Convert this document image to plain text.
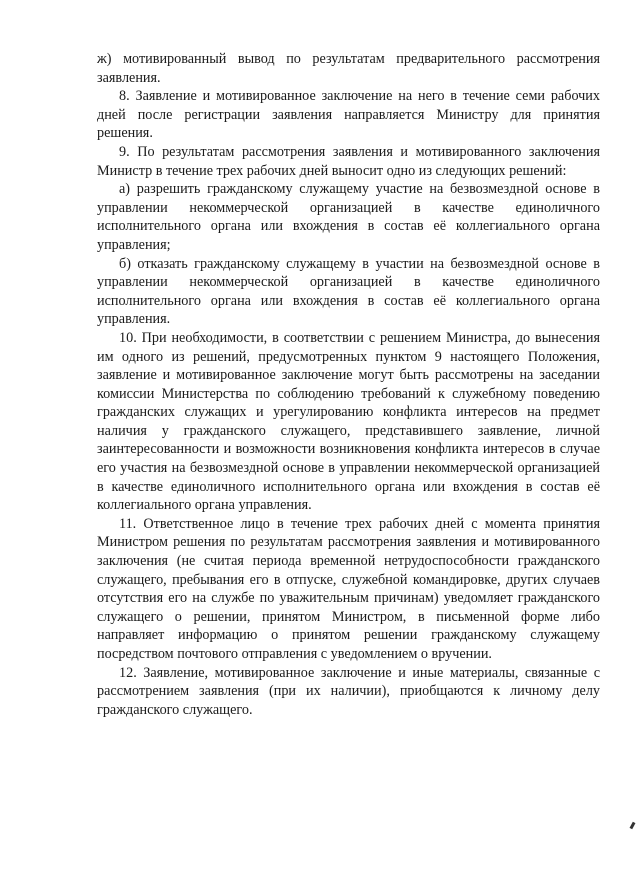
ж) мотивированный вывод по результатам предварительного рассмотрения заявления.

8. Заявление и мотивированное заключение на него в течение семи рабочих дней после регистрации заявления направляется Министру для принятия решения.

9. По результатам рассмотрения заявления и мотивированного заключения Министр в течение трех рабочих дней выносит одно из следующих решений:

а) разрешить гражданскому служащему участие на безвозмездной основе в управлении некоммерческой организацией в качестве единоличного исполнительного органа или вхождения в состав её коллегиального органа управления;

б) отказать гражданскому служащему в участии на безвозмездной основе в управлении некоммерческой организацией в качестве единоличного исполнительного органа или вхождения в состав её коллегиального органа управления.

10. При необходимости, в соответствии с решением Министра, до вынесения им одного из решений, предусмотренных пунктом 9 настоящего Положения, заявление и мотивированное заключение могут быть рассмотрены на заседании комиссии Министерства по соблюдению требований к служебному поведению гражданских служащих и урегулированию конфликта интересов на предмет наличия у гражданского служащего, представившего заявление, личной заинтересованности и возможности возникновения конфликта интересов в случае его участия на безвозмездной основе в управлении некоммерческой организацией в качестве единоличного исполнительного органа или вхождения в состав её коллегиального органа управления.

11. Ответственное лицо в течение трех рабочих дней с момента принятия Министром решения по результатам рассмотрения заявления и мотивированного заключения (не считая периода временной нетрудоспособности гражданского служащего, пребывания его в отпуске, служебной командировке, других случаев отсутствия его на службе по уважительным причинам) уведомляет гражданского служащего о решении, принятом Министром, в письменной форме либо направляет информацию о принятом решении гражданскому служащему посредством почтового отправления с уведомлением о вручении.

12. Заявление, мотивированное заключение и иные материалы, связанные с рассмотрением заявления (при их наличии), приобщаются к личному делу гражданского служащего.
